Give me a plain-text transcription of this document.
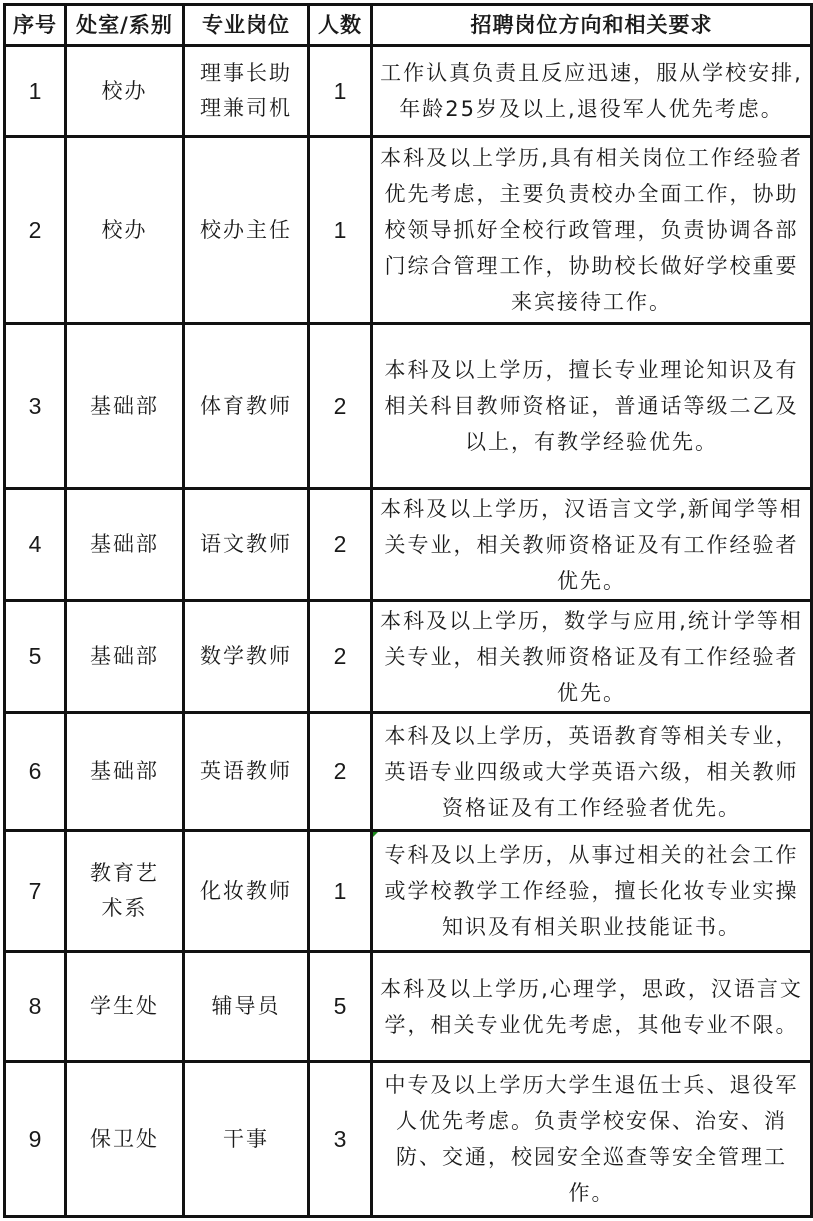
序号	处室/系别	专业岗位	人数	招聘岗位方向和相关要求
1	校办	理事长助理兼司机	1	工作认真负责且反应迅速，服从学校安排,年龄25岁及以上,退役军人优先考虑。
2	校办	校办主任	1	本科及以上学历,具有相关岗位工作经验者优先考虑，主要负责校办全面工作，协助校领导抓好全校行政管理，负责协调各部门综合管理工作，协助校长做好学校重要来宾接待工作。
3	基础部	体育教师	2	本科及以上学历，擅长专业理论知识及有相关科目教师资格证，普通话等级二乙及以上，有教学经验优先。
4	基础部	语文教师	2	本科及以上学历，汉语言文学,新闻学等相关专业，相关教师资格证及有工作经验者优先。
5	基础部	数学教师	2	本科及以上学历，数学与应用,统计学等相关专业，相关教师资格证及有工作经验者优先。
6	基础部	英语教师	2	本科及以上学历，英语教育等相关专业，英语专业四级或大学英语六级，相关教师资格证及有工作经验者优先。
7	教育艺术系	化妆教师	1	专科及以上学历，从事过相关的社会工作或学校教学工作经验，擅长化妆专业实操知识及有相关职业技能证书。
8	学生处	辅导员	5	本科及以上学历,心理学，思政，汉语言文学，相关专业优先考虑，其他专业不限。
9	保卫处	干事	3	中专及以上学历大学生退伍士兵、退役军人优先考虑。负责学校安保、治安、消防、交通，校园安全巡查等安全管理工作。
